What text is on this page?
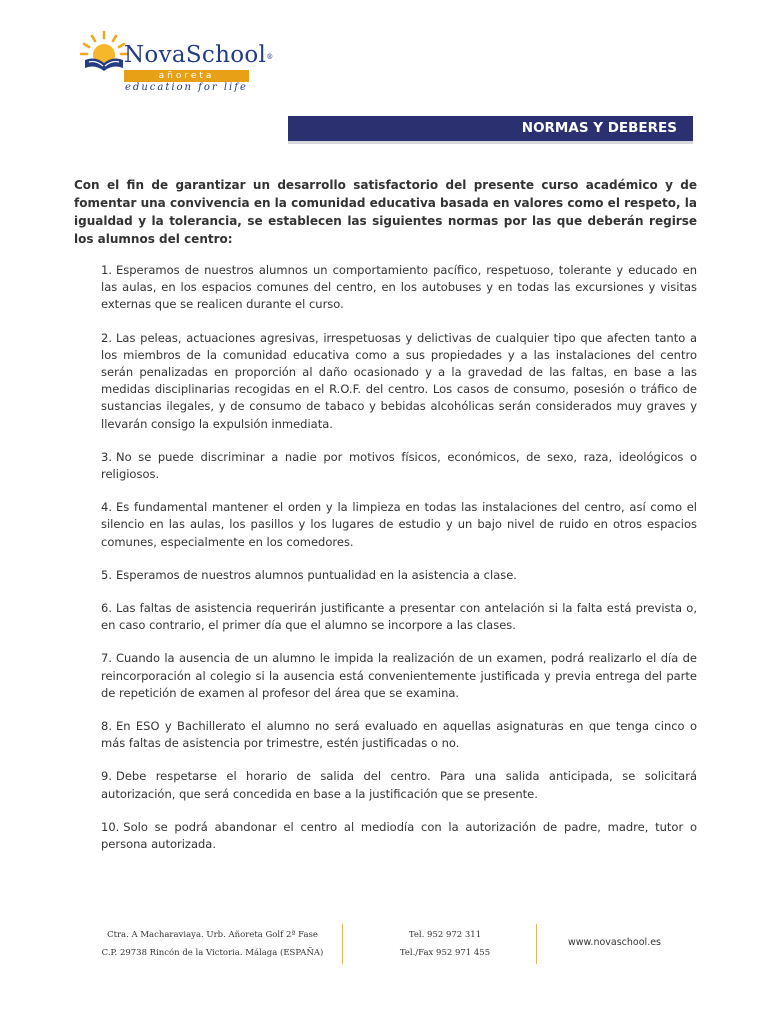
NovaSchool®
añoreta
education for life
NORMAS Y DEBERES

Con el fin de garantizar un desarrollo satisfactorio del presente curso académico y de fomentar una convivencia en la comunidad educativa basada en valores como el respeto, la igualdad y la tolerancia, se establecen las siguientes normas por las que deberán regirse los alumnos del centro:

1. Esperamos de nuestros alumnos un comportamiento pacífico, respetuoso, tolerante y educado en las aulas, en los espacios comunes del centro, en los autobuses y en todas las excursiones y visitas externas que se realicen durante el curso.
2. Las peleas, actuaciones agresivas, irrespetuosas y delictivas de cualquier tipo que afecten tanto a los miembros de la comunidad educativa como a sus propiedades y a las instalaciones del centro serán penalizadas en proporción al daño ocasionado y a la gravedad de las faltas, en base a las medidas disciplinarias recogidas en el R.O.F. del centro. Los casos de consumo, posesión o tráfico de sustancias ilegales, y de consumo de tabaco y bebidas alcohólicas serán considerados muy graves y llevarán consigo la expulsión inmediata.
3. No se puede discriminar a nadie por motivos físicos, económicos, de sexo, raza, ideológicos o religiosos.
4. Es fundamental mantener el orden y la limpieza en todas las instalaciones del centro, así como el silencio en las aulas, los pasillos y los lugares de estudio y un bajo nivel de ruido en otros espacios comunes, especialmente en los comedores.
5. Esperamos de nuestros alumnos puntualidad en la asistencia a clase.
6. Las faltas de asistencia requerirán justificante a presentar con antelación si la falta está prevista o, en caso contrario, el primer día que el alumno se incorpore a las clases.
7. Cuando la ausencia de un alumno le impida la realización de un examen, podrá realizarlo el día de reincorporación al colegio si la ausencia está convenientemente justificada y previa entrega del parte de repetición de examen al profesor del área que se examina.
8. En ESO y Bachillerato el alumno no será evaluado en aquellas asignaturas en que tenga cinco o más faltas de asistencia por trimestre, estén justificadas o no.
9. Debe respetarse el horario de salida del centro. Para una salida anticipada, se solicitará autorización, que será concedida en base a la justificación que se presente.
10. Solo se podrá abandonar el centro al mediodía con la autorización de padre, madre, tutor o persona autorizada.
Ctra. A Macharaviaya. Urb. Añoreta Golf 2ª Fase
C.P. 29738 Rincón de la Victoria. Málaga (ESPAÑA)
Tel. 952 972 311
Tel./Fax 952 971 455
www.novaschool.es
